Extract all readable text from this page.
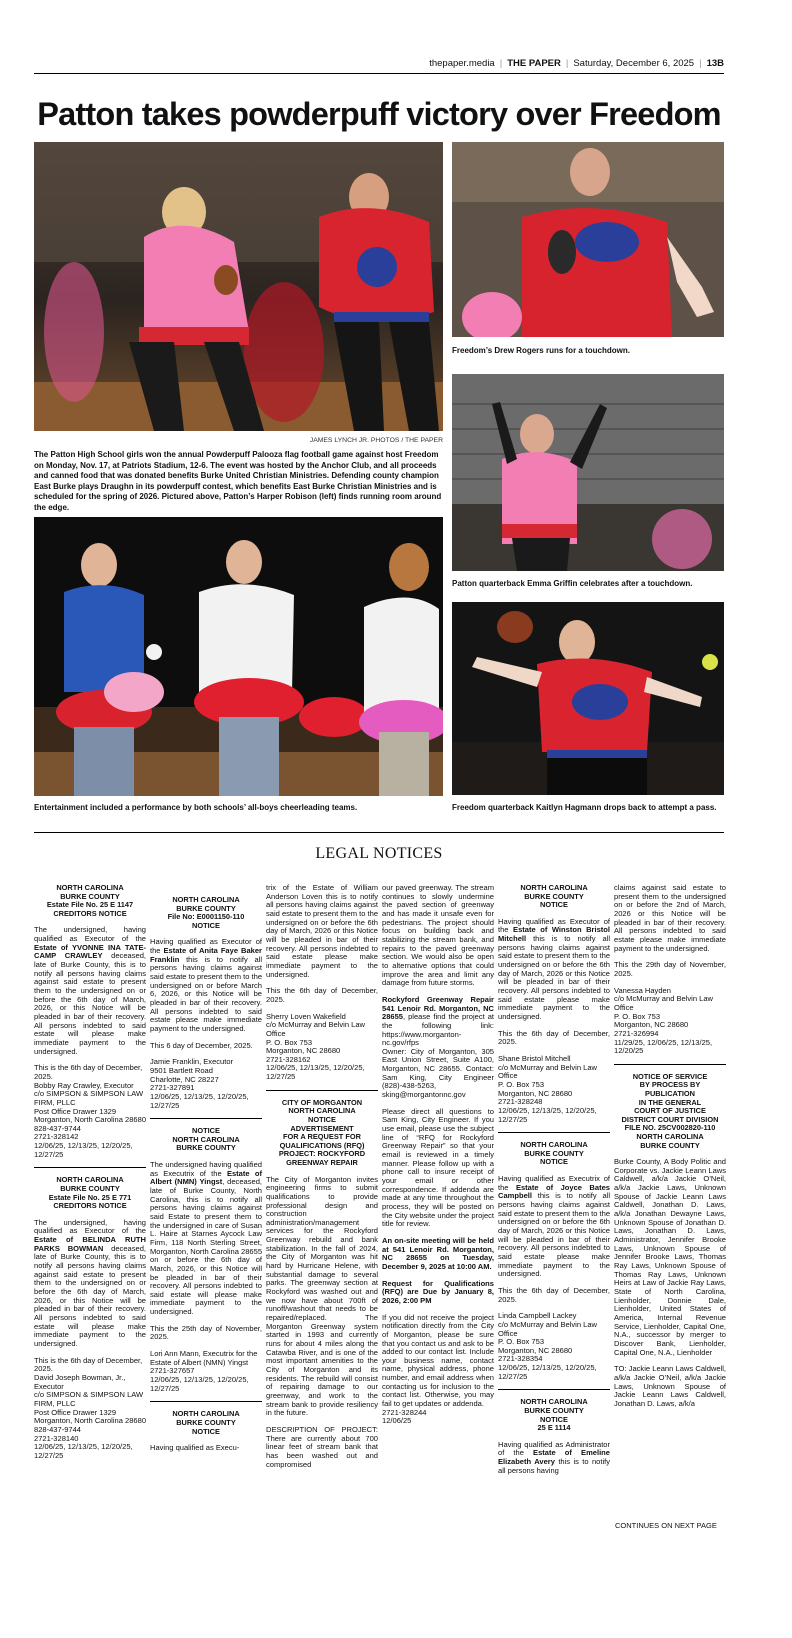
thepaper.media | THE PAPER | Saturday, December 6, 2025 | 13B
Patton takes powderpuff victory over Freedom
Freedom’s Drew Rogers runs for a touchdown.
Patton quarterback Emma Griffin celebrates after a touchdown.
Freedom quarterback Kaitlyn Hagmann drops back to attempt a pass.
JAMES LYNCH JR. PHOTOS / THE PAPER
The Patton High School girls won the annual Powderpuff Palooza flag football game against host Freedom on Monday, Nov. 17, at Patriots Stadium, 12-6. The event was hosted by the Anchor Club, and all proceeds and canned food that was donated benefits Burke United Christian Ministries. Defending county champion East Burke plays Draughn in its powderpuff contest, which benefits East Burke Christian Ministries and is scheduled for the spring of 2026. Pictured above, Patton’s Harper Robison (left) finds running room around the edge.
Entertainment included a performance by both schools’ all-boys cheerleading teams.
LEGAL NOTICES
NORTH CAROLINA
BURKE COUNTY
Estate File No. 25 E 1147
CREDITORS NOTICE

The undersigned, having qualified as Executor of the Estate of YVONNE INA TATE-CAMP CRAWLEY deceased, late of Burke County, this is to notify all persons having claims against said estate to present them to the undersigned on or before the 6th day of March, 2026, or this Notice will be pleaded in bar of their recovery. All persons indebted to said estate will please make immediate payment to the undersigned.

This is the 6th day of December, 2025.
Bobby Ray Crawley, Executor
c/o SIMPSON & SIMPSON LAW FIRM, PLLC
Post Office Drawer 1329
Morganton, North Carolina 28680
828-437-9744
2721-328142
12/06/25, 12/13/25, 12/20/25, 12/27/25

NORTH CAROLINA
BURKE COUNTY
Estate File No. 25 E 771
CREDITORS NOTICE

The undersigned, having qualified as Executor of the Estate of BELINDA RUTH PARKS BOWMAN deceased, late of Burke County, this is to notify all persons having claims against said estate to present them to the undersigned on or before the 6th day of March, 2026, or this Notice will be pleaded in bar of their recovery. All persons indebted to said estate will please make immediate payment to the undersigned.

This is the 6th day of December, 2025.
David Joseph Bowman, Jr., Executor
c/o SIMPSON & SIMPSON LAW FIRM, PLLC
Post Office Drawer 1329
Morganton, North Carolina 28680
828-437-9744
2721-328140
12/06/25, 12/13/25, 12/20/25, 12/27/25

NORTH CAROLINA
BURKE COUNTY
File No: E0001150-110
NOTICE

Having qualified as Executor of the Estate of Anita Faye Baker Franklin this is to notify all persons having claims against said estate to present them to the undersigned on or before March 6, 2026, or this Notice will be pleaded in bar of their recovery. All persons indebted to said estate please make immediate payment to the undersigned.

This 6 day of December, 2025.

Jamie Franklin, Executor
9501 Bartlett Road
Charlotte, NC 28227
2721-327891
12/06/25, 12/13/25, 12/20/25, 12/27/25

NOTICE
NORTH CAROLINA
BURKE COUNTY

The undersigned having qualified as Executrix of the Estate of Albert (NMN) Yingst, deceased, late of Burke County, North Carolina, this is to notify all persons having claims against said Estate to present them to the undersigned in care of Susan L. Haire at Starnes Aycock Law Firm, 118 North Sterling Street, Morganton, North Carolina 28655 on or before the 6th day of March, 2026, or this Notice will be pleaded in bar of their recovery. All persons indebted to said estate will please make immediate payment to the undersigned.

This the 25th day of November, 2025.

Lori Ann Mann, Executrix for the Estate of Albert (NMN) Yingst
2721-327657
12/06/25, 12/13/25, 12/20/25, 12/27/25

NORTH CAROLINA
BURKE COUNTY
NOTICE

Having qualified as Execu-

trix of the Estate of William Anderson Loven this is to notify all persons having claims against said estate to present them to the undersigned on or before the 6th day of March, 2026 or this Notice will be pleaded in bar of their recovery. All persons indebted to said estate please make immediate payment to the undersigned.

This the 6th day of December, 2025.

Sherry Loven Wakefield
c/o McMurray and Belvin Law Office
P. O. Box 753
Morganton, NC 28680
2721-328162
12/06/25, 12/13/25, 12/20/25, 12/27/25

CITY OF MORGANTON
NORTH CAROLINA
NOTICE
ADVERTISEMENT
FOR A REQUEST FOR
QUALIFICATIONS (RFQ)
PROJECT: ROCKYFORD
GREENWAY REPAIR

The City of Morganton invites engineering firms to submit qualifications to provide professional design and construction administration/management services for the Rockyford Greenway rebuild and bank stabilization. In the fall of 2024, the City of Morganton was hit hard by Hurricane Helene, with substantial damage to several parks. The greenway section at Rockyford was washed out and we now have about 700ft of runoff/washout that needs to be repaired/replaced. The Morganton Greenway system started in 1993 and currently runs for about 4 miles along the Catawba River, and is one of the most important amenities to the City of Morganton and its residents. The rebuild will consist of repairing damage to our greenway, and work to the stream bank to provide resiliency in the future.

DESCRIPTION OF PROJECT: There are currently about 700 linear feet of stream bank that has been washed out and compromised

our paved greenway. The stream continues to slowly undermine the paved section of greenway and has made it unsafe even for pedestrians. The project should focus on building back and stabilizing the stream bank, and repairs to the paved greenway section. We would also be open to alternative options that could improve the area and limit any damage from future storms.

Rockyford Greenway Repair 541 Lenoir Rd. Morganton, NC 28655, please find the project at the following link: https://www.morganton-nc.gov/rfps
Owner: City of Morganton, 305 East Union Street, Suite A100, Morganton, NC 28655. Contact: Sam King, City Engineer (828)-438-5263, sking@morgantonnc.gov

Please direct all questions to Sam King, City Engineer. If you use email, please use the subject line of “RFQ for Rockyford Greenway Repair” so that your email is reviewed in a timely manner. Please follow up with a phone call to insure receipt of your email or other correspondence. If addenda are made at any time throughout the process, they will be posted on the City website under the project title for review.

An on-site meeting will be held at 541 Lenoir Rd. Morganton, NC 28655 on Tuesday, December 9, 2025 at 10:00 AM.

Request for Qualifications (RFQ) are Due by January 8, 2026, 2:00 PM

If you did not receive the project notification directly from the City of Morganton, please be sure that you contact us and ask to be added to our contact list. Include your business name, contact name, physical address, phone number, and email address when contacting us for inclusion to the contact list. Otherwise, you may fail to get updates or addenda.
2721-328244
12/06/25

NORTH CAROLINA
BURKE COUNTY
NOTICE

Having qualified as Executor of the Estate of Winston Bristol Mitchell this is to notify all persons having claims against said estate to present them to the undersigned on or before the 6th day of March, 2026 or this Notice will be pleaded in bar of their recovery. All persons indebted to said estate please make immediate payment to the undersigned.

This the 6th day of December, 2025.

Shane Bristol Mitchell
c/o McMurray and Belvin Law Office
P. O. Box 753
Morganton, NC 28680
2721-328248
12/06/25, 12/13/25, 12/20/25, 12/27/25

NORTH CAROLINA
BURKE COUNTY
NOTICE

Having qualified as Executrix of the Estate of Joyce Bates Campbell this is to notify all persons having claims against said estate to present them to the undersigned on or before the 6th day of March, 2026 or this Notice will be pleaded in bar of their recovery. All persons indebted to said estate please make immediate payment to the undersigned.

This the 6th day of December, 2025.

Linda Campbell Lackey
c/o McMurray and Belvin Law Office
P. O. Box 753
Morganton, NC 28680
2721-328354
12/06/25, 12/13/25, 12/20/25, 12/27/25

NORTH CAROLINA
BURKE COUNTY
NOTICE
25 E 1114

Having qualified as Administrator of the Estate of Emeline Elizabeth Avery this is to notify all persons having

claims against said estate to present them to the undersigned on or before the 2nd of March, 2026 or this Notice will be pleaded in bar of their recovery. All persons indebted to said estate please make immediate payment to the undersigned.

This the 29th day of November, 2025.

Vanessa Hayden
c/o McMurray and Belvin Law Office
P. O. Box 753
Morganton, NC 28680
2721-326994
11/29/25, 12/06/25, 12/13/25, 12/20/25

NOTICE OF SERVICE
BY PROCESS BY
PUBLICATION
IN THE GENERAL
COURT OF JUSTICE
DISTRICT COURT DIVISION
FILE NO. 25CV002820-110
NORTH CAROLINA
BURKE COUNTY

Burke County, A Body Politic and Corporate vs. Jackie Leann Laws Caldwell, a/k/a Jackie O’Neil, a/k/a Jackie Laws, Unknown Spouse of Jackie Leann Laws Caldwell, Jonathan D. Laws, a/k/a Jonathan Dewayne Laws, Unknown Spouse of Jonathan D. Laws, Jonathan D. Laws, Administrator, Jennifer Brooke Laws, Unknown Spouse of Jennifer Brooke Laws, Thomas Ray Laws, Unknown Spouse of Thomas Ray Laws, Unknown Heirs at Law of Jackie Ray Laws, State of North Carolina, Lienholder, Donnie Dale, Lienholder, United States of America, Internal Revenue Service, Lienholder, Capital One, N.A., successor by merger to Discover Bank, Lienholder, Capital One, N.A., Lienholder

TO: Jackie Leann Laws Caldwell, a/k/a Jackie O’Neil, a/k/a Jackie Laws, Unknown Spouse of Jackie Leann Laws Caldwell, Jonathan D. Laws, a/k/a

CONTINUES ON NEXT PAGE
